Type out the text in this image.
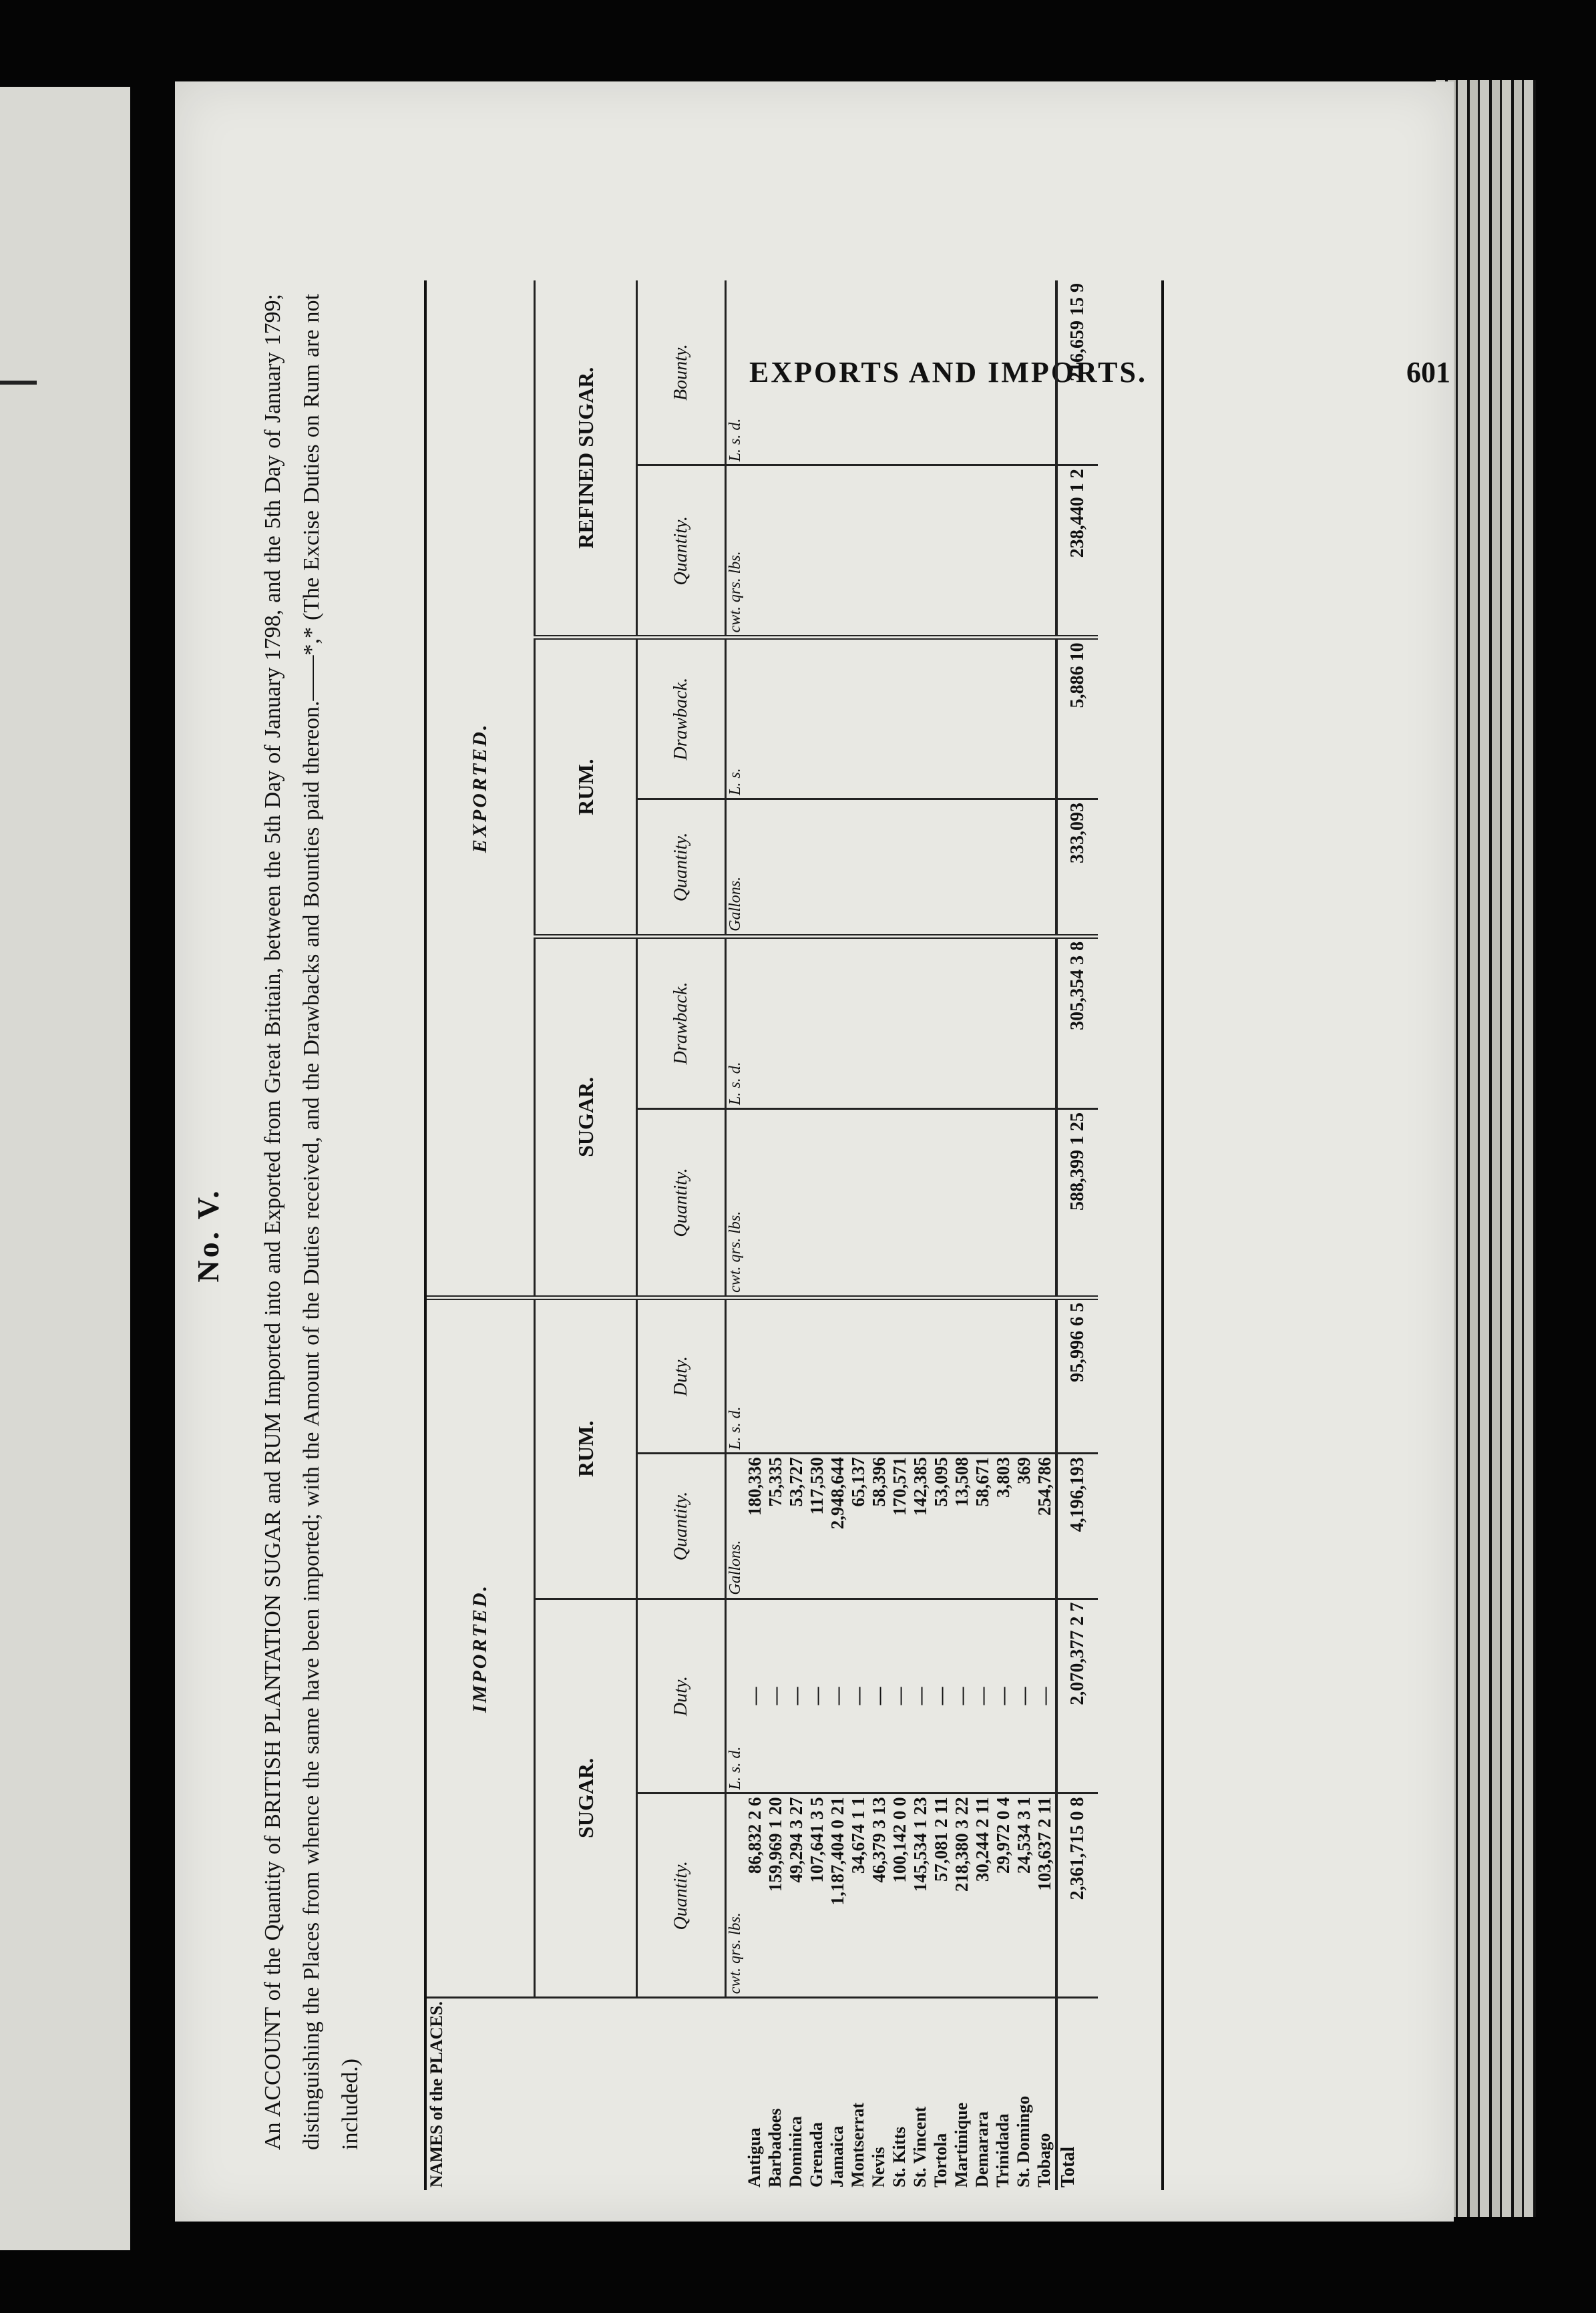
EXPORTS AND IMPORTS.	601
No. V. An ACCOUNT of the Quantity of BRITISH PLANTATION SUGAR and RUM Imported into and Exported from Great Britain, between the 5th Day of January 1798, and the 5th Day of January 1799; distinguishing the Places from whence the same have been imported; with the Amount of the Duties received, and the Drawbacks and Bounties paid thereon.——*,* (The Excise Duties on Rum are not included.)	NAMES of the PLACES.	IMPORTED.				EXPORTED.					
	SUGAR.		RUM.		SUGAR.		RUM.		REFINED SUGAR.	
	Quantity.	Duty.	Quantity.	Duty.	Quantity.	Drawback.	Quantity.	Drawback.	Quantity.	Bounty.
	cwt. qrs. lbs.	L. s. d.	Gallons.	L. s. d.	cwt. qrs. lbs.	L. s. d.	Gallons.	L. s.	cwt. qrs. lbs.	L. s. d.
Antigua	86,832 2 6	—	180,336							
Barbadoes	159,969 1 20	—	75,335							
Dominica	49,294 3 27	—	53,727							
Grenada	107,641 3 5	—	117,530							
Jamaica	1,187,404 0 21	—	2,948,644							
Montserrat	34,674 1 1	—	65,137							
Nevis	46,379 3 13	—	58,396							
St. Kitts	100,142 0 0	—	170,571							
St. Vincent	145,534 1 23	—	142,385							
Tortola	57,081 2 11	—	53,095							
Martinique	218,380 3 22	—	13,508							
Demarara	30,244 2 11	—	58,671							
Trinidada	29,972 0 4	—	3,803							
St. Domingo	24,534 3 1	—	369							
Tobago	103,637 2 11	—	254,786							
Total	2,361,715 0 8	2,070,377 2 7	4,196,193	95,996 6 5	588,399 1 25	305,354 3 8	333,093	5,886 10	238,440 1 2	216,659 15 9
